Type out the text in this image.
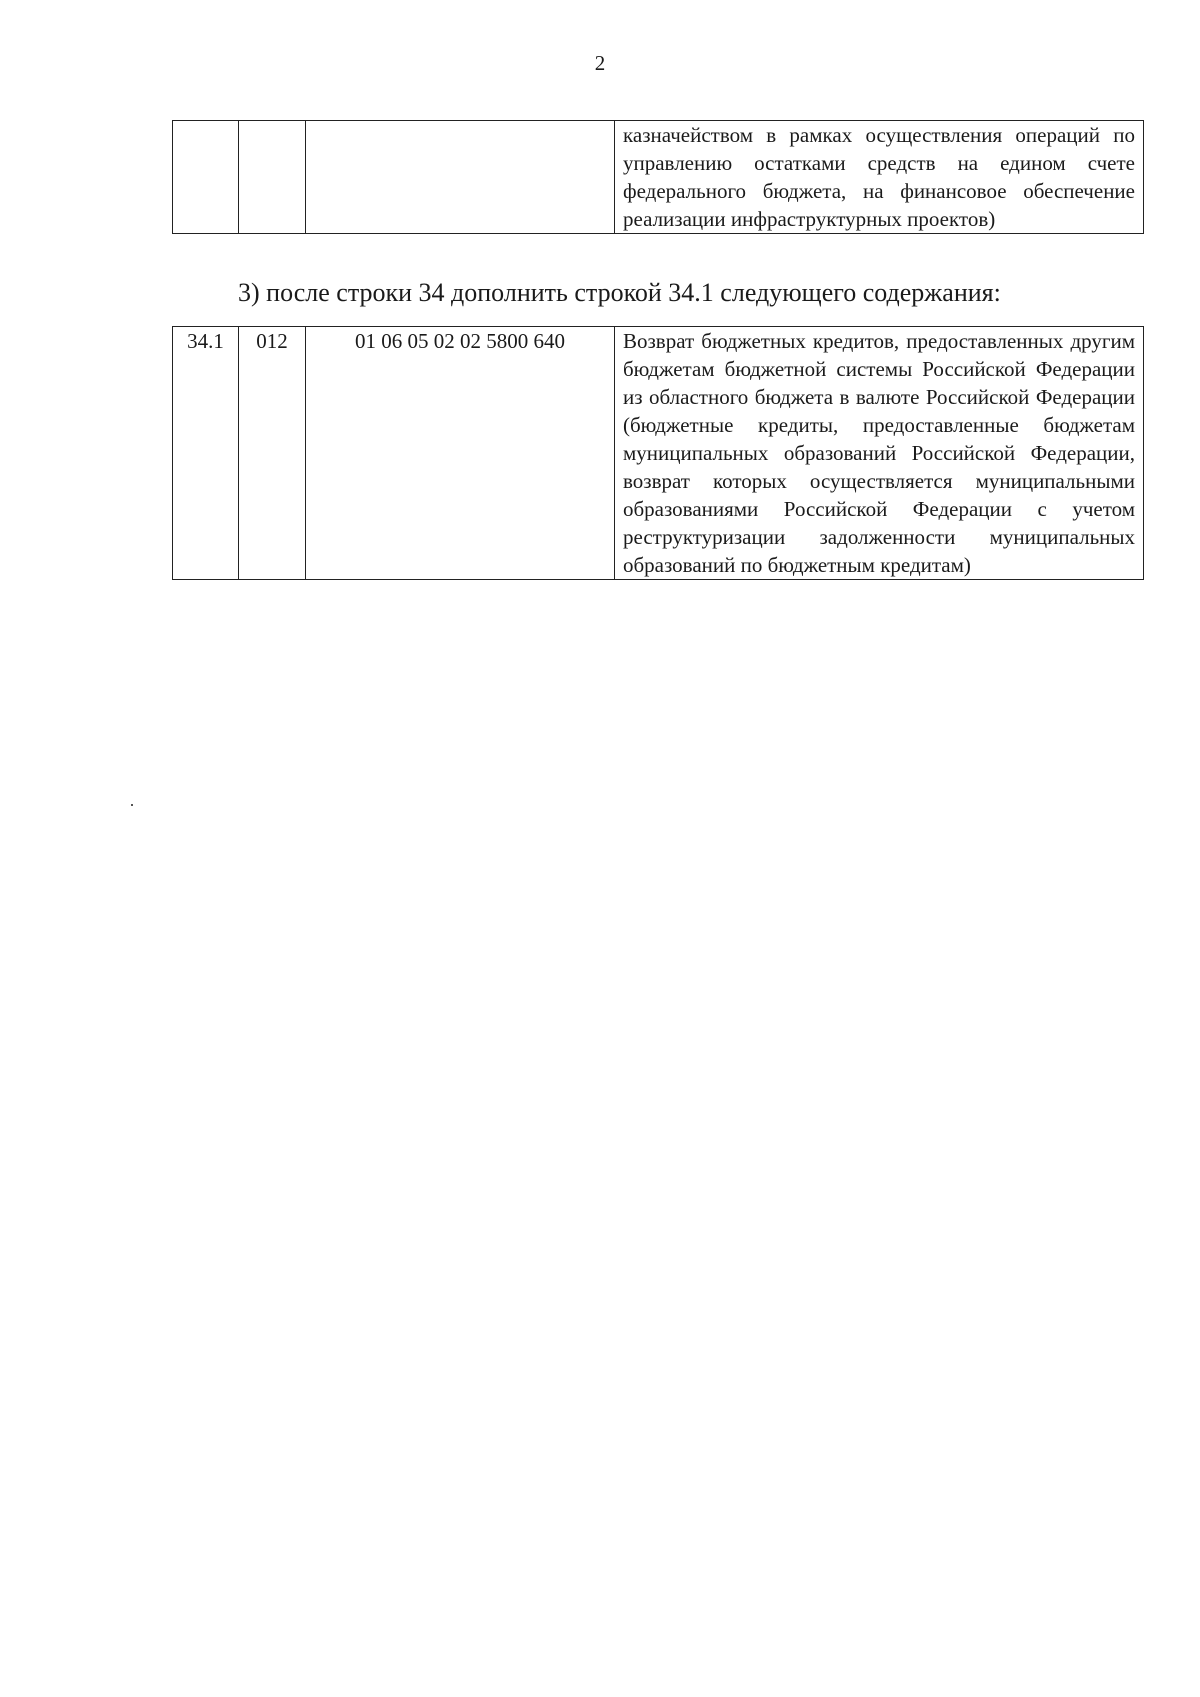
2
			казначейством в рамках осуществления операций по управлению остатками средств на едином счете федерального бюджета, на финансовое обеспечение реализации инфраструктурных проектов)
3) после строки 34 дополнить строкой 34.1 следующего содержания:
34.1	012	01 06 05 02 02 5800 640	Возврат бюджетных кредитов, предоставленных другим бюджетам бюджетной системы Российской Федерации из областного бюджета в валюте Российской Федерации (бюджетные кредиты, предоставленные бюджетам муниципальных образований Российской Федерации, возврат которых осуществляется муниципальными образованиями Российской Федерации с учетом реструктуризации задолженности муниципальных образований по бюджетным кредитам)
